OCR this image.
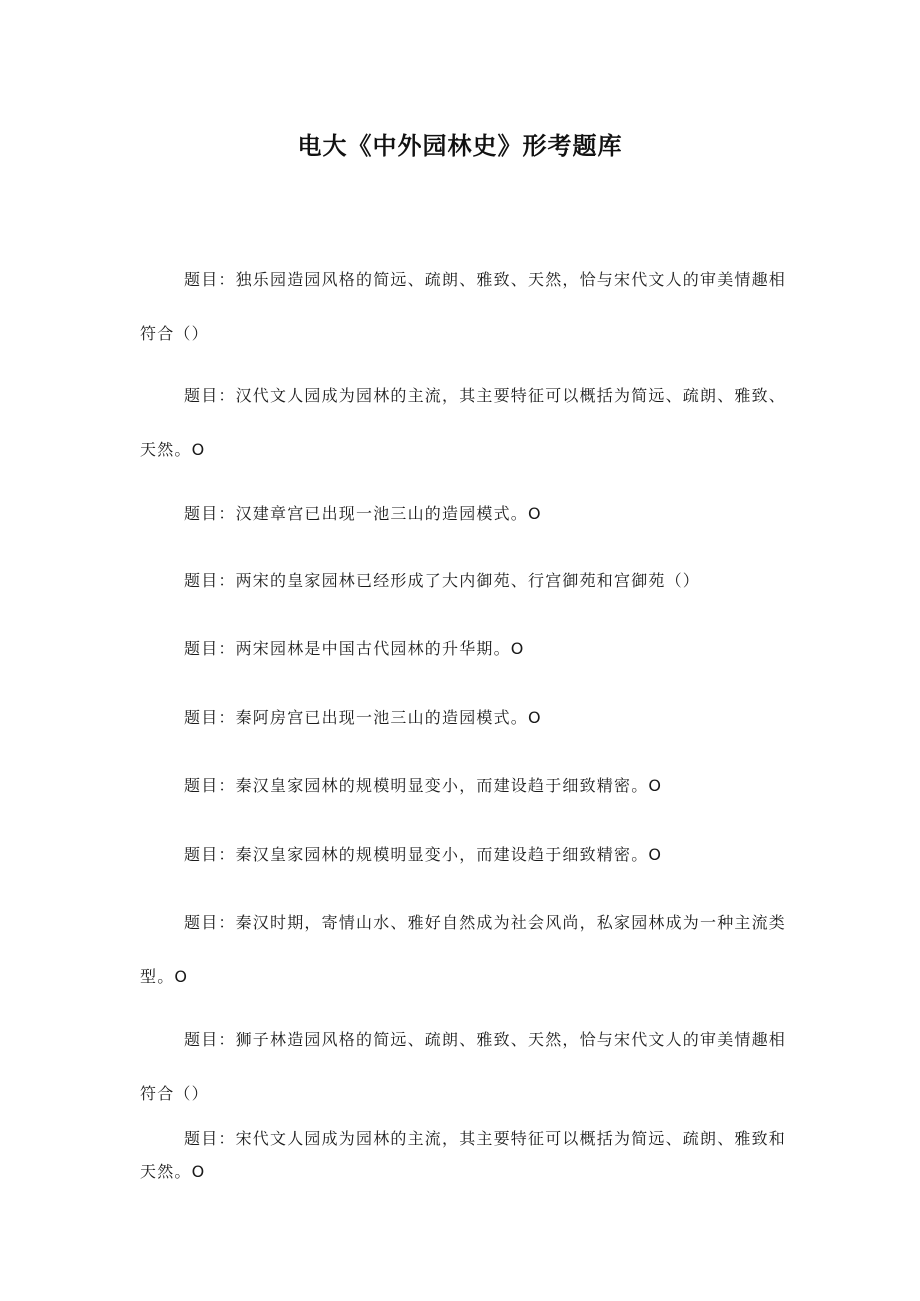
电大《中外园林史》形考题库

题目：独乐园造园风格的简远、疏朗、雅致、天然，恰与宋代文人的审美情趣相符合（）

题目：汉代文人园成为园林的主流，其主要特征可以概括为简远、疏朗、雅致、天然。O

题目：汉建章宫已出现一池三山的造园模式。O

题目：两宋的皇家园林已经形成了大内御苑、行宫御苑和宫御苑（）

题目：两宋园林是中国古代园林的升华期。O

题目：秦阿房宫已出现一池三山的造园模式。O

题目：秦汉皇家园林的规模明显变小，而建设趋于细致精密。O

题目：秦汉皇家园林的规模明显变小，而建设趋于细致精密。O

题目：秦汉时期，寄情山水、雅好自然成为社会风尚，私家园林成为一种主流类型。O

题目：狮子林造园风格的简远、疏朗、雅致、天然，恰与宋代文人的审美情趣相符合（）

题目：宋代文人园成为园林的主流，其主要特征可以概括为简远、疏朗、雅致和天然。O
